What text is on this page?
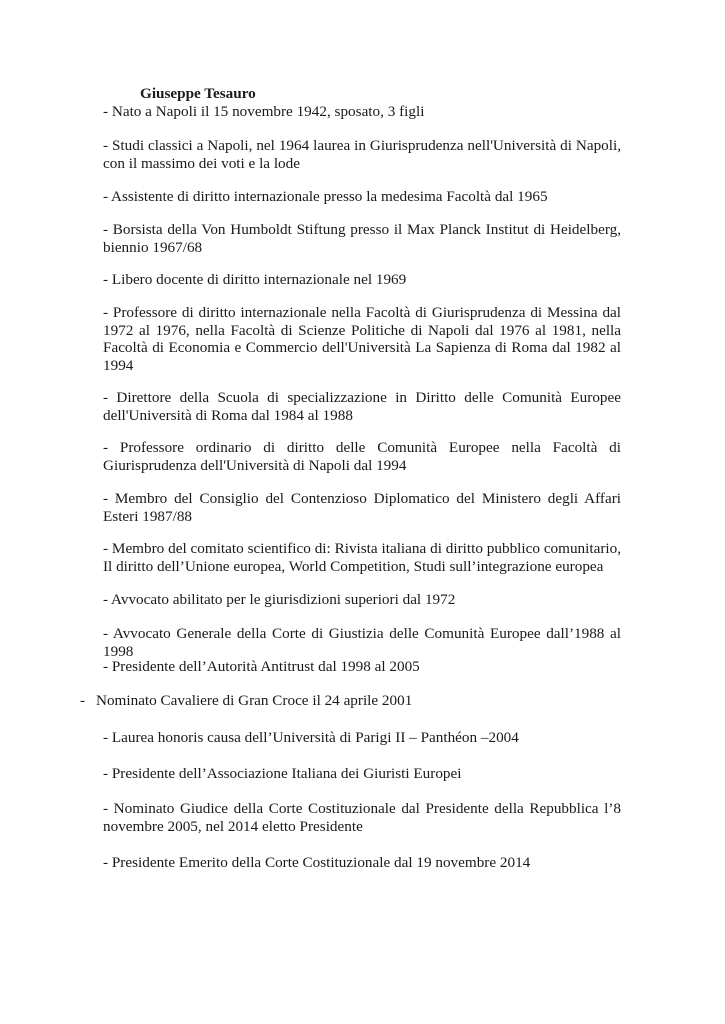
Giuseppe Tesauro
- Nato a Napoli il 15 novembre 1942, sposato, 3 figli
- Studi classici a Napoli, nel 1964 laurea in Giurisprudenza nell'Università di Napoli, con il massimo dei voti e la lode
- Assistente di diritto internazionale presso la medesima Facoltà dal 1965
- Borsista della Von Humboldt Stiftung presso il Max Planck Institut di Heidelberg, biennio 1967/68
- Libero docente di diritto internazionale nel 1969
- Professore di diritto internazionale nella Facoltà di Giurisprudenza di Messina dal 1972 al 1976, nella Facoltà di Scienze Politiche di Napoli dal 1976 al 1981, nella Facoltà di Economia e Commercio dell'Università La Sapienza di Roma dal 1982 al 1994
- Direttore della Scuola di specializzazione in Diritto delle Comunità Europee dell'Università di Roma dal 1984 al 1988
- Professore ordinario di diritto delle Comunità Europee nella Facoltà di Giurisprudenza dell'Università di Napoli dal 1994
- Membro del Consiglio del Contenzioso Diplomatico del Ministero degli Affari Esteri 1987/88
- Membro del comitato scientifico di: Rivista italiana di diritto pubblico comunitario, Il diritto dell’Unione europea, World Competition, Studi sull’integrazione europea
- Avvocato abilitato per le giurisdizioni superiori dal 1972
- Avvocato Generale della Corte di Giustizia delle Comunità Europee dall’1988 al 1998
- Presidente dell’Autorità Antitrust dal 1998 al 2005
- Nominato Cavaliere di Gran Croce il 24 aprile 2001
- Laurea honoris causa dell’Università di Parigi II – Panthéon –2004
- Presidente dell’Associazione Italiana dei Giuristi Europei
- Nominato Giudice della Corte Costituzionale dal Presidente della Repubblica l’8 novembre 2005, nel 2014 eletto Presidente
- Presidente Emerito della Corte Costituzionale dal 19 novembre 2014
